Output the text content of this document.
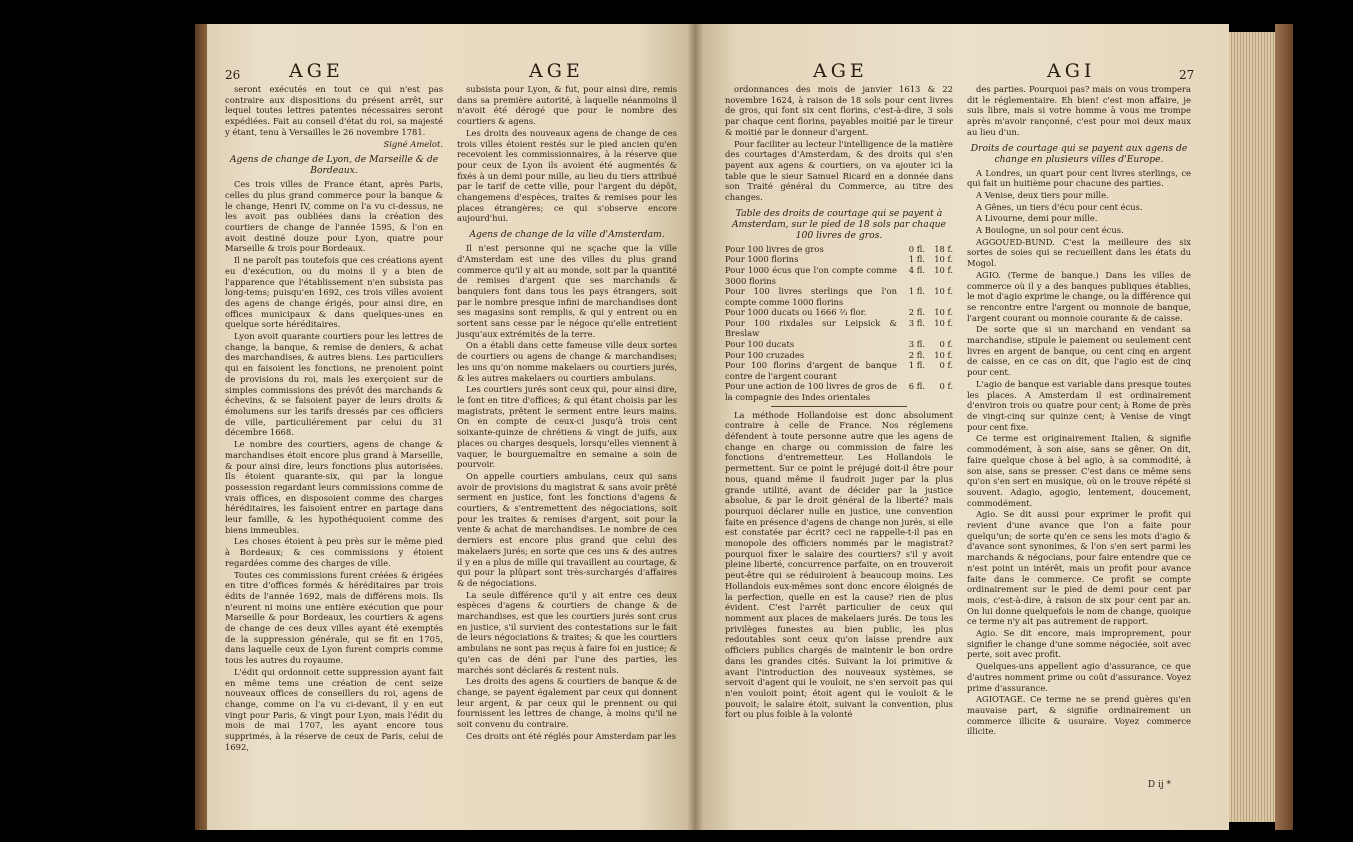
26	AGE	AGE

seront exécutés en tout ce qui n'est pas contraire aux dispositions du présent arrêt, sur lequel toutes lettres patentes nécessaires seront expédiées. Fait au conseil d'état du roi, sa majesté y étant, tenu à Versailles le 26 novembre 1781.

Signé Amelot.

Agens de change de Lyon, de Marseille & de Bordeaux.

Ces trois villes de France étant, après Paris, celles du plus grand commerce pour la banque & le change, Henri IV, comme on l'a vu ci-dessus, ne les avoit pas oubliées dans la création des courtiers de change de l'année 1595, & l'on en avoit destiné douze pour Lyon, quatre pour Marseille & trois pour Bordeaux.

Il ne paroît pas toutefois que ces créations ayent eu d'exécution, ou du moins il y a bien de l'apparence que l'établissement n'en subsista pas long-tems; puisqu'en 1692, ces trois villes avoient des agens de change érigés, pour ainsi dire, en offices municipaux & dans quelques-unes en quelque sorte héréditaires.

Lyon avoit quarante courtiers pour les lettres de change, la banque, & remise de deniers, & achat des marchandises, & autres biens. Les particuliers qui en faisoient les fonctions, ne prenoient point de provisions du roi, mais les exerçoient sur de simples commissions des prévôt des marchands & échevins, & se faisoient payer de leurs droits & émolumens sur les tarifs dressés par ces officiers de ville, particuliérement par celui du 31 décembre 1668.

Le nombre des courtiers, agens de change & marchandises étoit encore plus grand à Marseille, & pour ainsi dire, leurs fonctions plus autorisées. Ils étoient quarante-six, qui par la longue possession regardant leurs commissions comme de vrais offices, en disposoient comme des charges héréditaires, les faisoient entrer en partage dans leur famille, & les hypothéquoient comme des biens immeubles.

Les choses étoient à peu près sur le même pied à Bordeaux; & ces commissions y étoient regardées comme des charges de ville.

Toutes ces commissions furent créées & érigées en titre d'offices formés & héréditaires par trois édits de l'année 1692, mais de différens mois. Ils n'eurent ni moins une entière exécution que pour Marseille & pour Bordeaux, les courtiers & agens de change de ces deux villes ayant été exemptés de la suppression générale, qui se fit en 1705, dans laquelle ceux de Lyon furent compris comme tous les autres du royaume.

L'édit qui ordonnoit cette suppression ayant fait en même tems une création de cent seize nouveaux offices de conseillers du roi, agens de change, comme on l'a vu ci-devant, il y en eut vingt pour Paris, & vingt pour Lyon, mais l'édit du mois de mai 1707, les ayant encore tous supprimés, à la réserve de ceux de Paris, celui de 1692,

subsista pour Lyon, & fut, pour ainsi dire, remis dans sa première autorité, à laquelle néanmoins il n'avoit été dérogé que pour le nombre des courtiers & agens.

Les droits des nouveaux agens de change de ces trois villes étoient restés sur le pied ancien qu'en recevoient les commissionnaires, à la réserve que pour ceux de Lyon ils avoient été augmentés & fixés à un demi pour mille, au lieu du tiers attribué par le tarif de cette ville, pour l'argent du dépôt, changemens d'espèces, traites & remises pour les places étrangères; ce qui s'observe encore aujourd'hui.

Agens de change de la ville d'Amsterdam.

Il n'est personne qui ne sçache que la ville d'Amsterdam est une des villes du plus grand commerce qu'il y ait au monde, soit par la quantité de remises d'argent que ses marchands & banquiers font dans tous les pays étrangers, soit par le nombre presque infini de marchandises dont ses magasins sont remplis, & qui y entrent ou en sortent sans cesse par le négoce qu'elle entretient jusqu'aux extrémités de la terre.

On a établi dans cette fameuse ville deux sortes de courtiers ou agens de change & marchandises; les uns qu'on nomme makelaers ou courtiers jurés, & les autres makelaers ou courtiers ambulans.

Les courtiers jurés sont ceux qui, pour ainsi dire, le font en titre d'offices; & qui étant choisis par les magistrats, prêtent le serment entre leurs mains. On en compte de ceux-ci jusqu'à trois cent soixante-quinze de chrétiens & vingt de juifs, aux places ou charges desquels, lorsqu'elles viennent à vaquer, le bourguemaître en semaine a soin de pourvoir.

On appelle courtiers ambulans, ceux qui sans avoir de provisions du magistrat & sans avoir prêté serment en justice, font les fonctions d'agens & courtiers, & s'entremettent des négociations, soit pour les traites & remises d'argent, soit pour la vente & achat de marchandises. Le nombre de ces derniers est encore plus grand que celui des makelaers jurés; en sorte que ces uns & des autres il y en a plus de mille qui travaillent au courtage, & qui pour la plûpart sont très-surchargés d'affaires & de négociations.

La seule différence qu'il y ait entre ces deux espèces d'agens & courtiers de change & de marchandises, est que les courtiers jurés sont crus en justice, s'il survient des contestations sur le fait de leurs négociations & traites; & que les courtiers ambulans ne sont pas reçus à faire foi en justice; & qu'en cas de déni par l'une des parties, les marchés sont déclarés & restent nuls.

Les droits des agens & courtiers de banque & de change, se payent également par ceux qui donnent leur argent, & par ceux qui le prennent ou qui fournissent les lettres de change, à moins qu'il ne soit convenu du contraire.

Ces droits ont été réglés pour Amsterdam par les

AGE	AGI	27

ordonnances des mois de janvier 1613 & 22 novembre 1624, à raison de 18 sols pour cent livres de gros, qui font six cent florins, c'est-à-dire, 3 sols par chaque cent florins, payables moitié par le tireur & moitié par le donneur d'argent.

Pour faciliter au lecteur l'intelligence de la matière des courtages d'Amsterdam, & des droits qui s'en payent aux agens & courtiers, on va ajouter ici la table que le sieur Samuel Ricard en a donnée dans son Traité général du Commerce, au titre des changes.

Table des droits de courtage qui se payent à Amsterdam, sur le pied de 18 sols par chaque 100 livres de gros.
Pour 100 livres de gros	0 fl.	18 f.
Pour 1000 florins	1 fl.	10 f.
Pour 1000 écus que l'on compte comme 3000 florins	4 fl.	10 f.
Pour 100 livres sterlings que l'on compte comme 1000 florins	1 fl.	10 f.
Pour 1000 ducats ou 1666 ⅔ flor.	2 fl.	10 f.
Pour 100 rixdales sur Leipsick & Breslaw	3 fl.	10 f.
Pour 100 ducats	3 fl.	0 f.
Pour 100 cruzades	2 fl.	10 f.
Pour 100 florins d'argent de banque contre de l'argent courant	1 fl.	0 f.
Pour une action de 100 livres de gros de la compagnie des Indes orientales	6 fl.	0 f.

La méthode Hollandoise est donc absolument contraire à celle de France. Nos réglemens défendent à toute personne autre que les agens de change en charge ou commission de faire les fonctions d'entremetteur. Les Hollandois le permettent. Sur ce point le préjugé doit-il être pour nous, quand même il faudroit juger par la plus grande utilité, avant de décider par la justice absolue, & par le droit général de la liberté? mais pourquoi déclarer nulle en justice, une convention faite en présence d'agens de change non jurés, si elle est constatée par écrit? ceci ne rappelle-t-il pas en monopole des officiers nommés par le magistrat? pourquoi fixer le salaire des courtiers? s'il y avoit pleine liberté, concurrence parfaite, on en trouveroit peut-être qui se réduiroient à beaucoup moins. Les Hollandois eux-mêmes sont donc encore éloignés de la perfection, quelle en est la cause? rien de plus évident. C'est l'arrêt particulier de ceux qui nomment aux places de makelaers jurés. De tous les privilèges funestes au bien public, les plus redoutables sont ceux qu'on laisse prendre aux officiers publics chargés de maintenir le bon ordre dans les grandes cités. Suivant la loi primitive & avant l'introduction des nouveaux systèmes, se servoit d'agent qui le vouloit, ne s'en servoit pas qui n'en vouloit point; étoit agent qui le vouloit & le pouvoit; le salaire étoit, suivant la convention, plus fort ou plus foible à la volonté

des parties. Pourquoi pas? mais on vous trompera dit le réglementaire. Eh bien! c'est mon affaire, je suis libre, mais si votre homme à vous me trompe après m'avoir rançonné, c'est pour moi deux maux au lieu d'un.

Droits de courtage qui se payent aux agens de change en plusieurs villes d'Europe.

A Londres, un quart pour cent livres sterlings, ce qui fait un huitième pour chacune des parties.

A Venise, deux tiers pour mille.

A Gênes, un tiers d'écu pour cent écus.

A Livourne, demi pour mille.

A Boulogne, un sol pour cent écus.

AGGOUED-BUND. C'est la meilleure des six sortes de soies qui se recueillent dans les états du Mogol.

AGIO. (Terme de banque.) Dans les villes de commerce où il y a des banques publiques établies, le mot d'agio exprime le change, ou la différence qui se rencontre entre l'argent ou monnoie de banque, l'argent courant ou monnoie courante & de caisse.

De sorte que si un marchand en vendant sa marchandise, stipule le paiement ou seulement cent livres en argent de banque, ou cent cinq en argent de caisse, en ce cas on dit, que l'agio est de cinq pour cent.

L'agio de banque est variable dans presque toutes les places. A Amsterdam il est ordinairement d'environ trois ou quatre pour cent; à Rome de près de vingt-cinq sur quinze cent; à Venise de vingt pour cent fixe.

Ce terme est originairement Italien, & signifie commodément, à son aise, sans se gêner. On dit, faire quelque chose à bel agio, à sa commodité, à son aise, sans se presser. C'est dans ce même sens qu'on s'en sert en musique, où on le trouve répété si souvent. Adagio, agogio, lentement, doucement, commodément.

Agio. Se dit aussi pour exprimer le profit qui revient d'une avance que l'on a faite pour quelqu'un; de sorte qu'en ce sens les mots d'agio & d'avance sont synonimes, & l'on s'en sert parmi les marchands & négocians, pour faire entendre que ce n'est point un intérêt, mais un profit pour avance faite dans le commerce. Ce profit se compte ordinairement sur le pied de demi pour cent par mois, c'est-à-dire, à raison de six pour cent par an. On lui donne quelquefois le nom de change, quoique ce terme n'y ait pas autrement de rapport.

Agio. Se dit encore, mais improprement, pour signifier le change d'une somme négociée, soit avec perte, soit avec profit.

Quelques-uns appellent agio d'assurance, ce que d'autres nomment prime ou coût d'assurance. Voyez prime d'assurance.

AGIOTAGE. Ce terme ne se prend guères qu'en mauvaise part, & signifie ordinairement un commerce illicite & usuraire. Voyez commerce illicite.

D ij *
